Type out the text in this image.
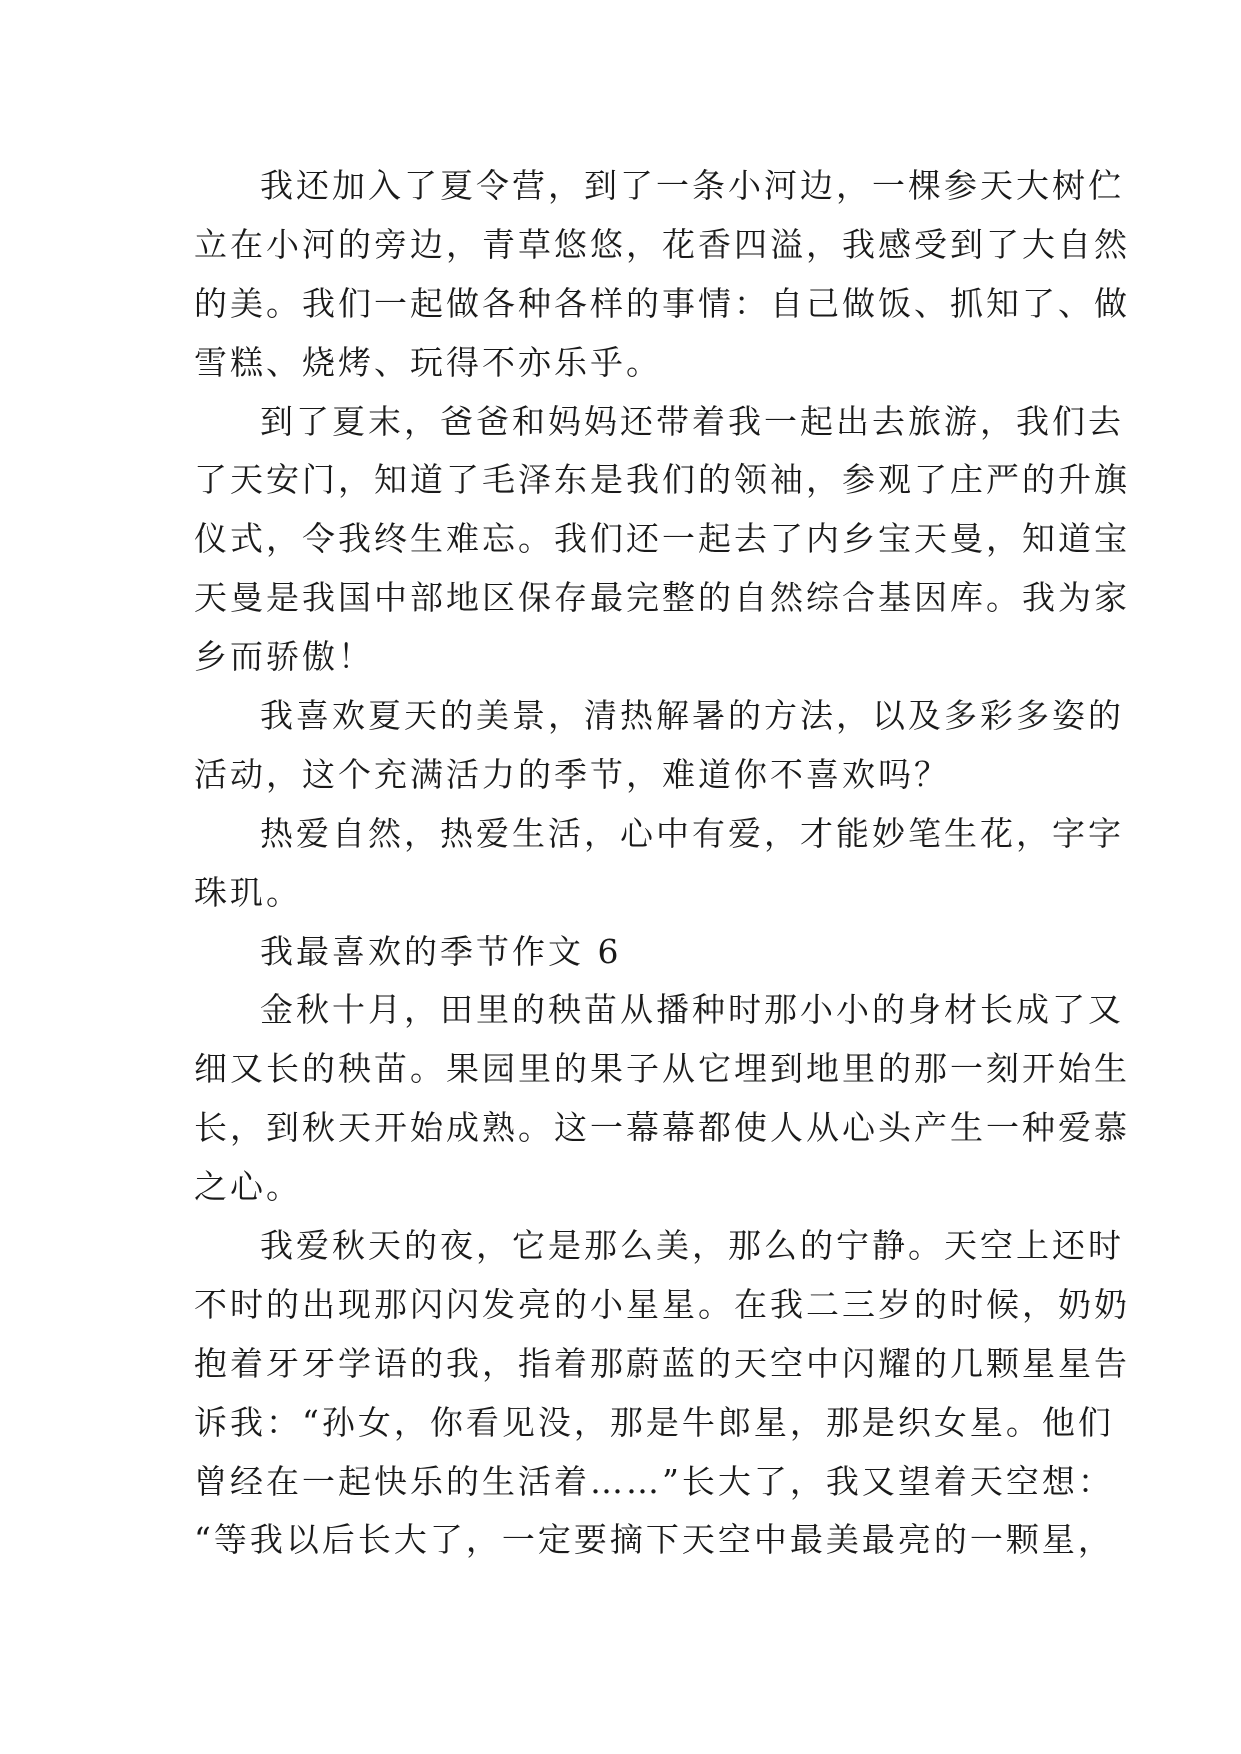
我还加入了夏令营，到了一条小河边，一棵参天大树伫
立在小河的旁边，青草悠悠，花香四溢，我感受到了大自然
的美。我们一起做各种各样的事情：自己做饭、抓知了、做
雪糕、烧烤、玩得不亦乐乎。
到了夏末，爸爸和妈妈还带着我一起出去旅游，我们去
了天安门，知道了毛泽东是我们的领袖，参观了庄严的升旗
仪式，令我终生难忘。我们还一起去了内乡宝天曼，知道宝
天曼是我国中部地区保存最完整的自然综合基因库。我为家
乡而骄傲！
我喜欢夏天的美景，清热解暑的方法，以及多彩多姿的
活动，这个充满活力的季节，难道你不喜欢吗？
热爱自然，热爱生活，心中有爱，才能妙笔生花，字字
珠玑。
我最喜欢的季节作文 6
金秋十月，田里的秧苗从播种时那小小的身材长成了又
细又长的秧苗。果园里的果子从它埋到地里的那一刻开始生
长，到秋天开始成熟。这一幕幕都使人从心头产生一种爱慕
之心。
我爱秋天的夜，它是那么美，那么的宁静。天空上还时
不时的出现那闪闪发亮的小星星。在我二三岁的时候，奶奶
抱着牙牙学语的我，指着那蔚蓝的天空中闪耀的几颗星星告
诉我：“孙女，你看见没，那是牛郎星，那是织女星。他们
曾经在一起快乐的生活着……”长大了，我又望着天空想：
“等我以后长大了，一定要摘下天空中最美最亮的一颗星，
